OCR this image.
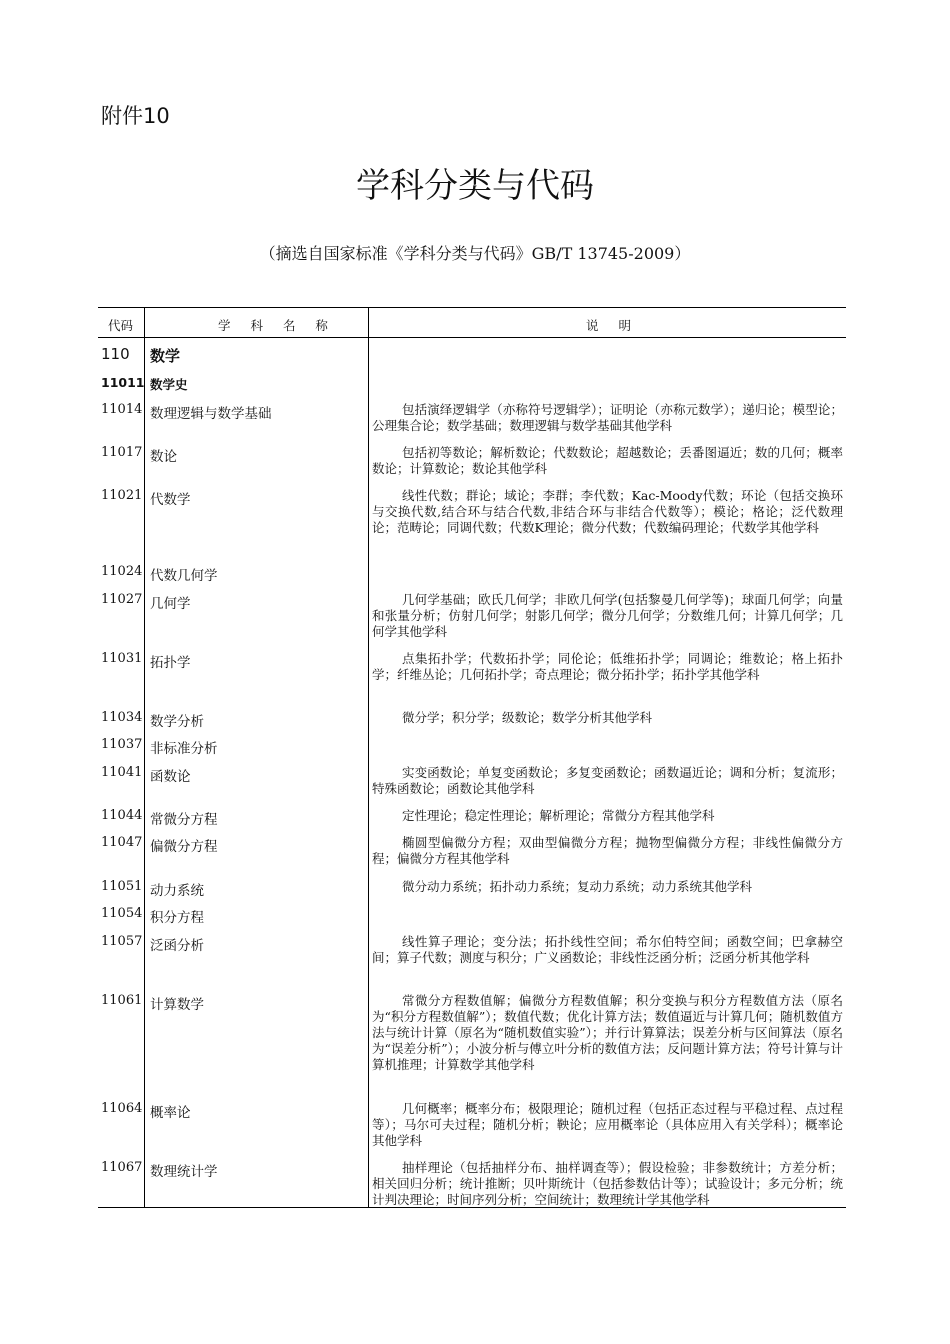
附件10
学科分类与代码
（摘选自国家标准《学科分类与代码》GB/T 13745-2009）
代码	学 科 名 称	说 明
110 数学
11011 数学史
11014 数理逻辑与数学基础	包括演绎逻辑学（亦称符号逻辑学）；证明论（亦称元数学）；递归论；模型论；公理集合论；数学基础；数理逻辑与数学基础其他学科
11017 数论	包括初等数论；解析数论；代数数论；超越数论；丢番图逼近；数的几何；概率数论；计算数论；数论其他学科
11021 代数学	线性代数；群论；域论；李群；李代数；Kac-Moody代数；环论（包括交换环与交换代数,结合环与结合代数,非结合环与非结合代数等）；模论；格论；泛代数理论；范畴论；同调代数；代数K理论；微分代数；代数编码理论；代数学其他学科
11024 代数几何学
11027 几何学	几何学基础；欧氏几何学；非欧几何学(包括黎曼几何学等)；球面几何学；向量和张量分析；仿射几何学；射影几何学；微分几何学；分数维几何；计算几何学；几何学其他学科
11031 拓扑学	点集拓扑学；代数拓扑学；同伦论；低维拓扑学；同调论；维数论；格上拓扑学；纤维丛论；几何拓扑学；奇点理论；微分拓扑学；拓扑学其他学科
11034 数学分析	微分学；积分学；级数论；数学分析其他学科
11037 非标准分析
11041 函数论	实变函数论；单复变函数论；多复变函数论；函数逼近论；调和分析；复流形；特殊函数论；函数论其他学科
11044 常微分方程	定性理论；稳定性理论；解析理论；常微分方程其他学科
11047 偏微分方程	椭圆型偏微分方程；双曲型偏微分方程；抛物型偏微分方程；非线性偏微分方程；偏微分方程其他学科
11051 动力系统	微分动力系统；拓扑动力系统；复动力系统；动力系统其他学科
11054 积分方程
11057 泛函分析	线性算子理论；变分法；拓扑线性空间；希尔伯特空间；函数空间；巴拿赫空间；算子代数；测度与积分；广义函数论；非线性泛函分析；泛函分析其他学科
11061 计算数学	常微分方程数值解；偏微分方程数值解；积分变换与积分方程数值方法（原名为“积分方程数值解”）；数值代数；优化计算方法；数值逼近与计算几何；随机数值方法与统计计算（原名为“随机数值实验”）；并行计算算法；误差分析与区间算法（原名为“误差分析”）；小波分析与傅立叶分析的数值方法；反问题计算方法；符号计算与计算机推理；计算数学其他学科
11064 概率论	几何概率；概率分布；极限理论；随机过程（包括正态过程与平稳过程、点过程等）；马尔可夫过程；随机分析；鞅论；应用概率论（具体应用入有关学科）；概率论其他学科
11067 数理统计学	抽样理论（包括抽样分布、抽样调查等）；假设检验；非参数统计；方差分析；相关回归分析；统计推断；贝叶斯统计（包括参数估计等）；试验设计；多元分析；统计判决理论；时间序列分析；空间统计；数理统计学其他学科
